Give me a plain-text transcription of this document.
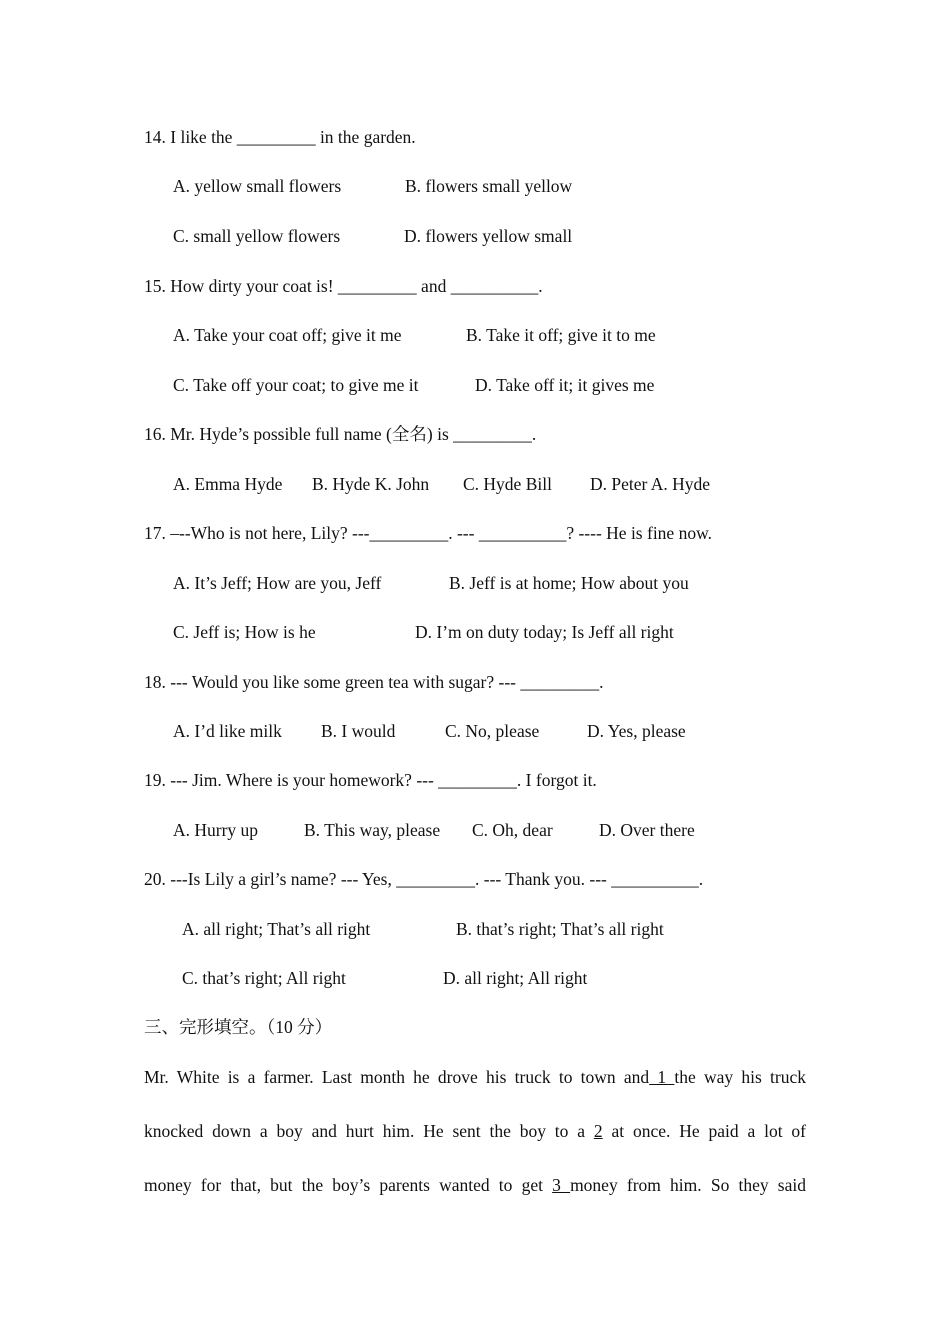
14. I like the _________ in the garden.
A. yellow small flowers	B. flowers small yellow
C. small yellow flowers	D. flowers yellow small
15. How dirty your coat is! _________ and __________.
A. Take your coat off; give it me	B. Take it off; give it to me
C. Take off your coat; to give me it	D. Take off it; it gives me
16. Mr. Hyde’s possible full name (全名) is _________.
A. Emma Hyde B. Hyde K. John C. Hyde Bill D. Peter A. Hyde
17. –--Who is not here, Lily? ---_________. --- __________? ---- He is fine now.
A. It’s Jeff; How are you, Jeff	B. Jeff is at home; How about you
C. Jeff is; How is he	D. I’m on duty today; Is Jeff all right
18. --- Would you like some green tea with sugar? --- _________.
A. I’d like milk B. I would	C. No, please	D. Yes, please
19. --- Jim. Where is your homework? --- _________. I forgot it.
A. Hurry up	B. This way, please C. Oh, dear	D. Over there
20. ---Is Lily a girl’s name? --- Yes, _________. --- Thank you. --- __________.
A. all right; That’s all right	B. that’s right; That’s all right
C. that’s right; All right	D. all right; All right
三、完形填空。（10 分）
Mr. White is a farmer. Last month he drove his truck to town and 1 the way his truck
knocked down a boy and hurt him. He sent the boy to a 2 at once. He paid a lot of
money for that, but the boy’s parents wanted to get 3 money from him. So they said
